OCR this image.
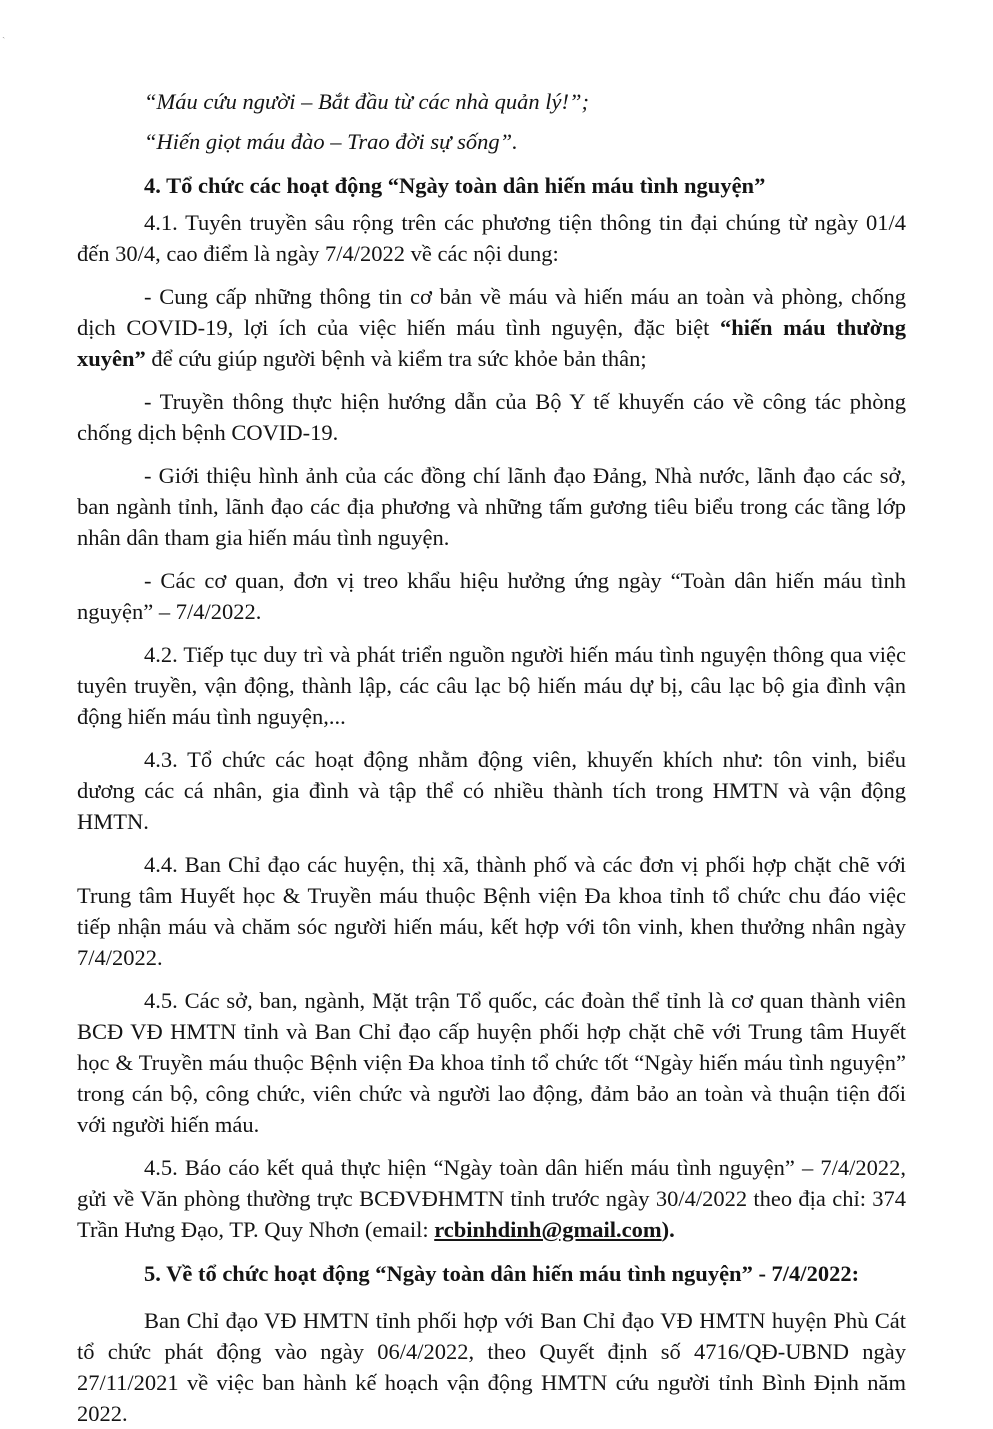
ˎ

“Máu cứu người – Bắt đầu từ các nhà quản lý!”;

“Hiến giọt máu đào – Trao đời sự sống”.

4. Tổ chức các hoạt động “Ngày toàn dân hiến máu tình nguyện”

4.1. Tuyên truyền sâu rộng trên các phương tiện thông tin đại chúng từ ngày 01/4 đến 30/4, cao điểm là ngày 7/4/2022 về các nội dung:

- Cung cấp những thông tin cơ bản về máu và hiến máu an toàn và phòng, chống dịch COVID-19, lợi ích của việc hiến máu tình nguyện, đặc biệt “hiến máu thường xuyên” để cứu giúp người bệnh và kiểm tra sức khỏe bản thân;

- Truyền thông thực hiện hướng dẫn của Bộ Y tế khuyến cáo về công tác phòng chống dịch bệnh COVID-19.

- Giới thiệu hình ảnh của các đồng chí lãnh đạo Đảng, Nhà nước, lãnh đạo các sở, ban ngành tỉnh, lãnh đạo các địa phương và những tấm gương tiêu biểu trong các tầng lớp nhân dân tham gia hiến máu tình nguyện.

- Các cơ quan, đơn vị treo khẩu hiệu hưởng ứng ngày “Toàn dân hiến máu tình nguyện” – 7/4/2022.

4.2. Tiếp tục duy trì và phát triển nguồn người hiến máu tình nguyện thông qua việc tuyên truyền, vận động, thành lập, các câu lạc bộ hiến máu dự bị, câu lạc bộ gia đình vận động hiến máu tình nguyện,...

4.3. Tổ chức các hoạt động nhằm động viên, khuyến khích như: tôn vinh, biểu dương các cá nhân, gia đình và tập thể có nhiều thành tích trong HMTN và vận động HMTN.

4.4. Ban Chỉ đạo các huyện, thị xã, thành phố và các đơn vị phối hợp chặt chẽ với Trung tâm Huyết học & Truyền máu thuộc Bệnh viện Đa khoa tỉnh tổ chức chu đáo việc tiếp nhận máu và chăm sóc người hiến máu, kết hợp với tôn vinh, khen thưởng nhân ngày 7/4/2022.

4.5. Các sở, ban, ngành, Mặt trận Tổ quốc, các đoàn thể tỉnh là cơ quan thành viên BCĐ VĐ HMTN tỉnh và Ban Chỉ đạo cấp huyện phối hợp chặt chẽ với Trung tâm Huyết học & Truyền máu thuộc Bệnh viện Đa khoa tỉnh tổ chức tốt “Ngày hiến máu tình nguyện” trong cán bộ, công chức, viên chức và người lao động, đảm bảo an toàn và thuận tiện đối với người hiến máu.

4.5. Báo cáo kết quả thực hiện “Ngày toàn dân hiến máu tình nguyện” – 7/4/2022, gửi về Văn phòng thường trực BCĐVĐHMTN tỉnh trước ngày 30/4/2022 theo địa chỉ: 374 Trần Hưng Đạo, TP. Quy Nhơn (email: rcbinhdinh@gmail.com).

5. Về tổ chức hoạt động “Ngày toàn dân hiến máu tình nguyện” - 7/4/2022:

Ban Chỉ đạo VĐ HMTN tỉnh phối hợp với Ban Chỉ đạo VĐ HMTN huyện Phù Cát tổ chức phát động vào ngày 06/4/2022, theo Quyết định số 4716/QĐ-UBND ngày 27/11/2021 về việc ban hành kế hoạch vận động HMTN cứu người tỉnh Bình Định năm 2022.
